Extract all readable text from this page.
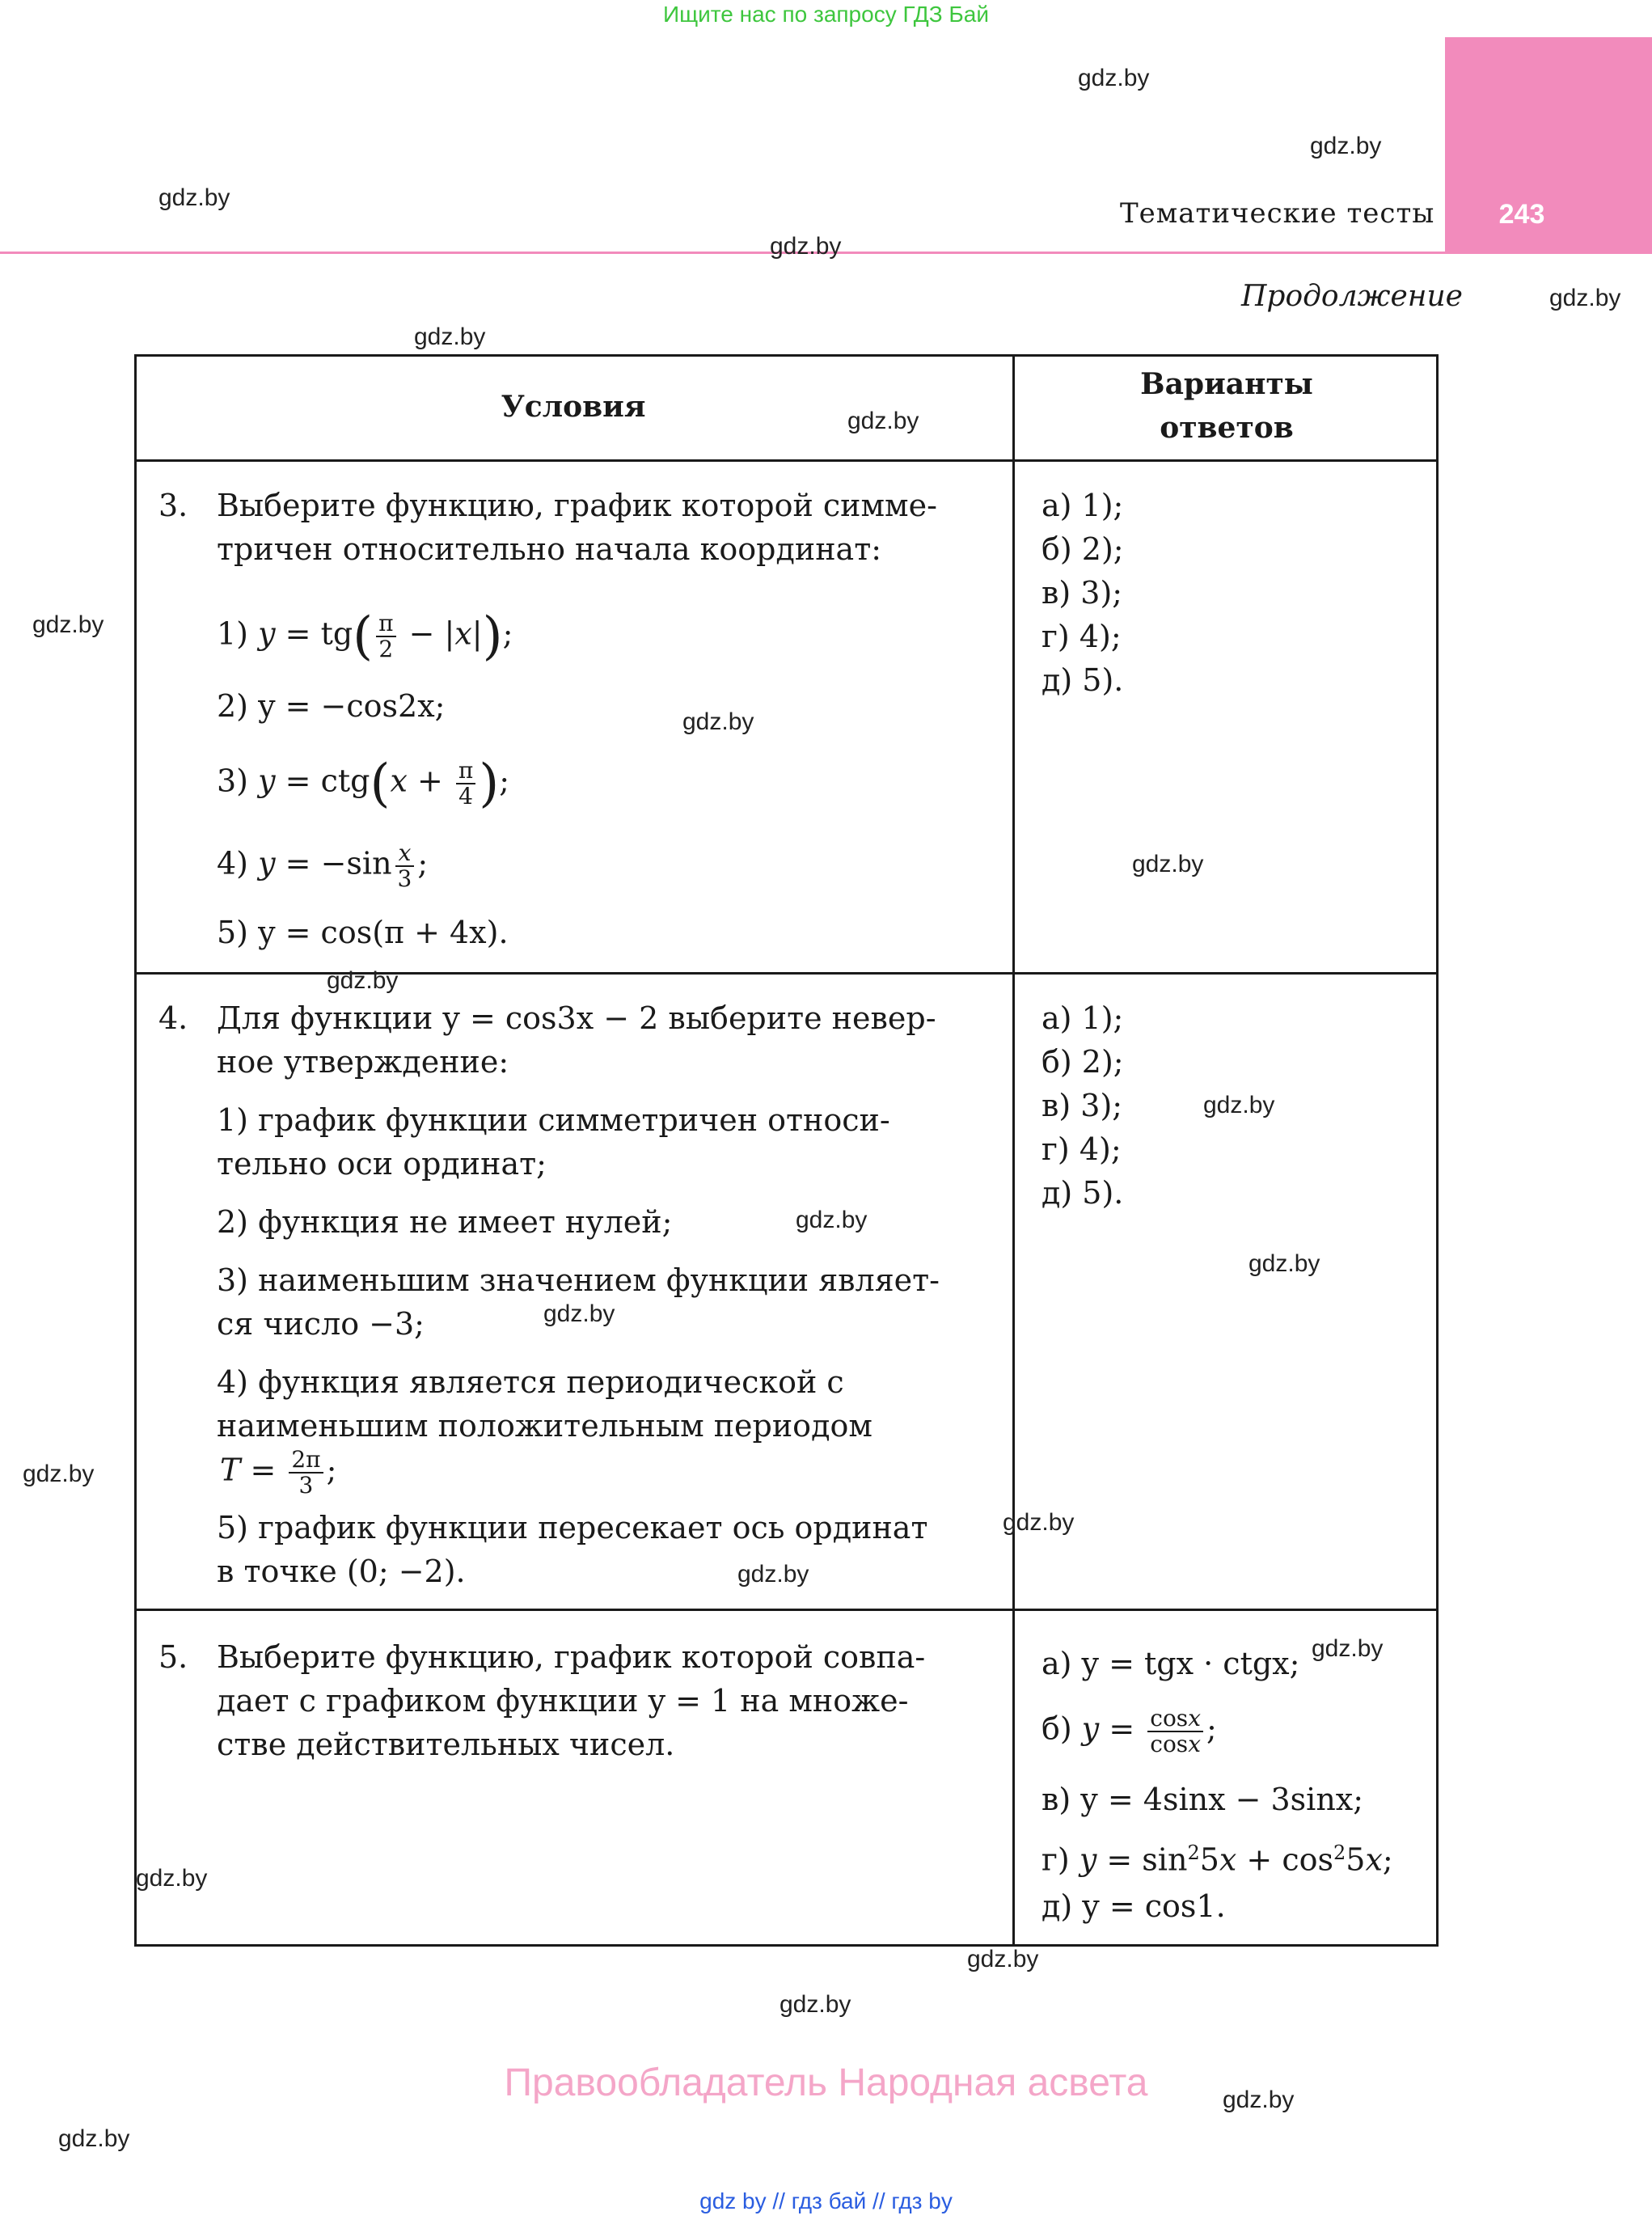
Ищите нас по запросу ГДЗ Бай
243
Тематические тесты
Продолжение
Условия
Варианты
ответов
3. Выберите функцию, график которой симме-
тричен относительно начала координат:
1) $y = tg( \frac{\pi}{2} - |x|)$;
2) y = −cos2x;
3) $y = ctg(x + \frac{\pi}{4}$ );
4) $y = -\sin \frac{x}{3}$ ;
5) y = cos(π + 4x).
а) 1);
б) 2);
в) 3);
г) 4);
д) 5).
4. Для функции y = cos3x − 2 выберите невер-
ное утверждение:
1) график функции симметричен относи-
тельно оси ординат;
2) функция не имеет нулей;
3) наименьшим значением функции являет-
ся число −3;
4) функция является периодической с
наименьшим положительным периодом
$T = \frac{2\pi}{3}$ ;
5) график функции пересекает ось ординат
в точке (0; −2).
а) 1);
б) 2);
в) 3);
г) 4);
д) 5).
5. Выберите функцию, график которой совпа-
дает с графиком функции y = 1 на множе-
стве действительных чисел.
а) y = tgx · ctgx;
б) $y = \frac{\cos x}{\cos x}$ ;
в) y = 4sinx − 3sinx;
г) $y = \sin^25x + \cos^25x$;
д) y = cos1.
gdz.by
gdz.by
gdz.by
gdz.by
gdz.by
gdz.by
gdz.by
gdz.by
gdz.by
gdz.by
gdz.by
gdz.by
gdz.by
gdz.by
gdz.by
gdz.by
gdz.by
gdz.by
gdz.by
gdz.by
gdz.by
gdz.by
gdz.by
gdz.by
Правообладатель Народная асвета
gdz by // гдз бай // гдз by
